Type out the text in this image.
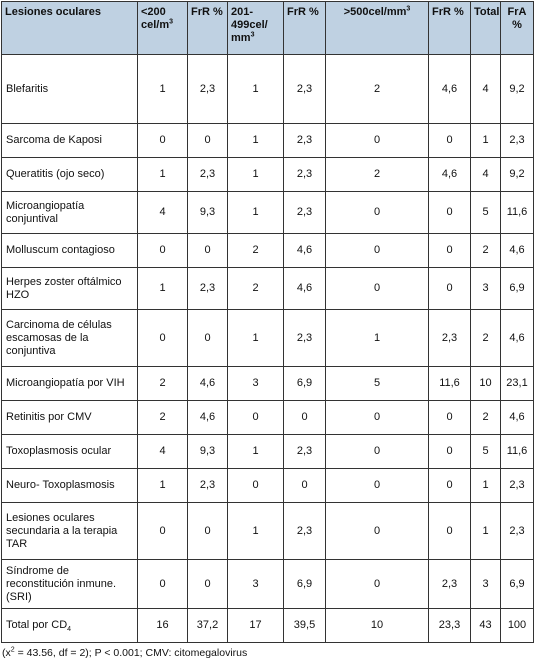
Lesiones oculares	<200 cel/$m^3$	FrR %	201-499cel/ $mm^3$	FrR %	$>500cel/mm^3$	FrR %	Total	FrA %
Blefaritis	1	2,3	1	2,3	2	4,6	4	9,2
Sarcoma de Kaposi	0	0	1	2,3	0	0	1	2,3
Queratitis (ojo seco)	1	2,3	1	2,3	2	4,6	4	9,2
Microangiopatía conjuntival	4	9,3	1	2,3	0	0	5	11,6
Molluscum contagioso	0	0	2	4,6	0	0	2	4,6
Herpes zoster oftálmico HZO	1	2,3	2	4,6	0	0	3	6,9
Carcinoma de células escamosas de la conjuntiva	0	0	1	2,3	1	2,3	2	4,6
Microangiopatía por VIH	2	4,6	3	6,9	5	11,6	10	23,1
Retinitis por CMV	2	4,6	0	0	0	0	2	4,6
Toxoplasmosis ocular	4	9,3	1	2,3	0	0	5	11,6
Neuro- Toxoplasmosis	1	2,3	0	0	0	0	1	2,3
Lesiones oculares secundaria a la terapia TAR	0	0	1	2,3	0	0	1	2,3
Síndrome de reconstitución inmune.(SRI)	0	0	3	6,9	0	2,3	3	6,9
Total por $CD_4$	16	37,2	17	39,5	10	23,3	43	100
($x^2 = 43.56$, df = 2); P < 0.001; CMV: citomegalovirus
